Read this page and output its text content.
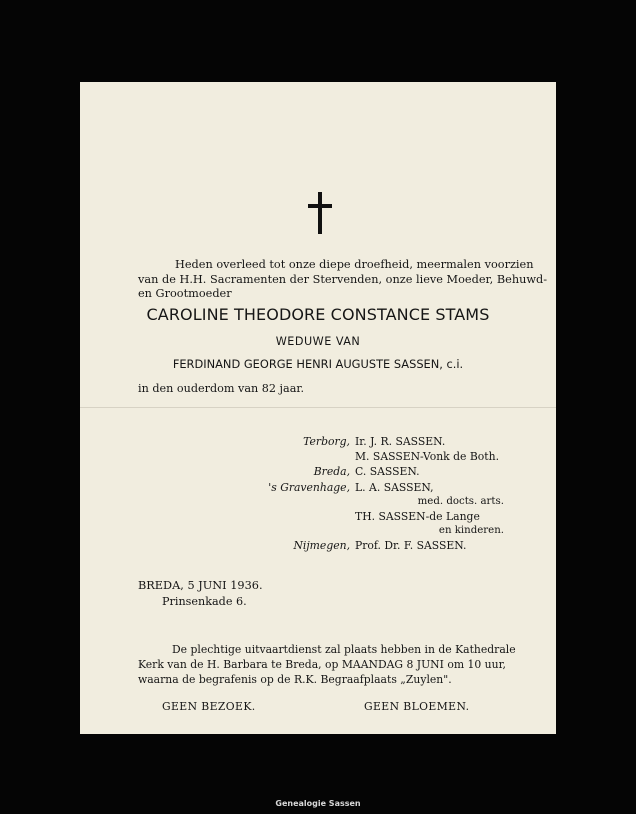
Heden overleed tot onze diepe droefheid, meermalen voorzien
van de H.H. Sacramenten der Stervenden, onze lieve Moeder, Behuwd-
en Grootmoeder
CAROLINE THEODORE CONSTANCE STAMS
WEDUWE VAN
FERDINAND GEORGE HENRI AUGUSTE SASSEN, c.i.
in den ouderdom van 82 jaar.
Terborg, Ir. J. R. SASSEN.
M. SASSEN-Vonk de Both.
Breda, C. SASSEN.
's Gravenhage, L. A. SASSEN,
med. docts. arts.
TH. SASSEN-de Lange
en kinderen.
Nijmegen, Prof. Dr. F. SASSEN.
BREDA, 5 JUNI 1936.
Prinsenkade 6.
De plechtige uitvaartdienst zal plaats hebben in de Kathedrale
Kerk van de H. Barbara te Breda, op MAANDAG 8 JUNI om 10 uur,
waarna de begrafenis op de R.K. Begraafplaats „Zuylen".
GEEN BEZOEK.	GEEN BLOEMEN.
Genealogie Sassen
